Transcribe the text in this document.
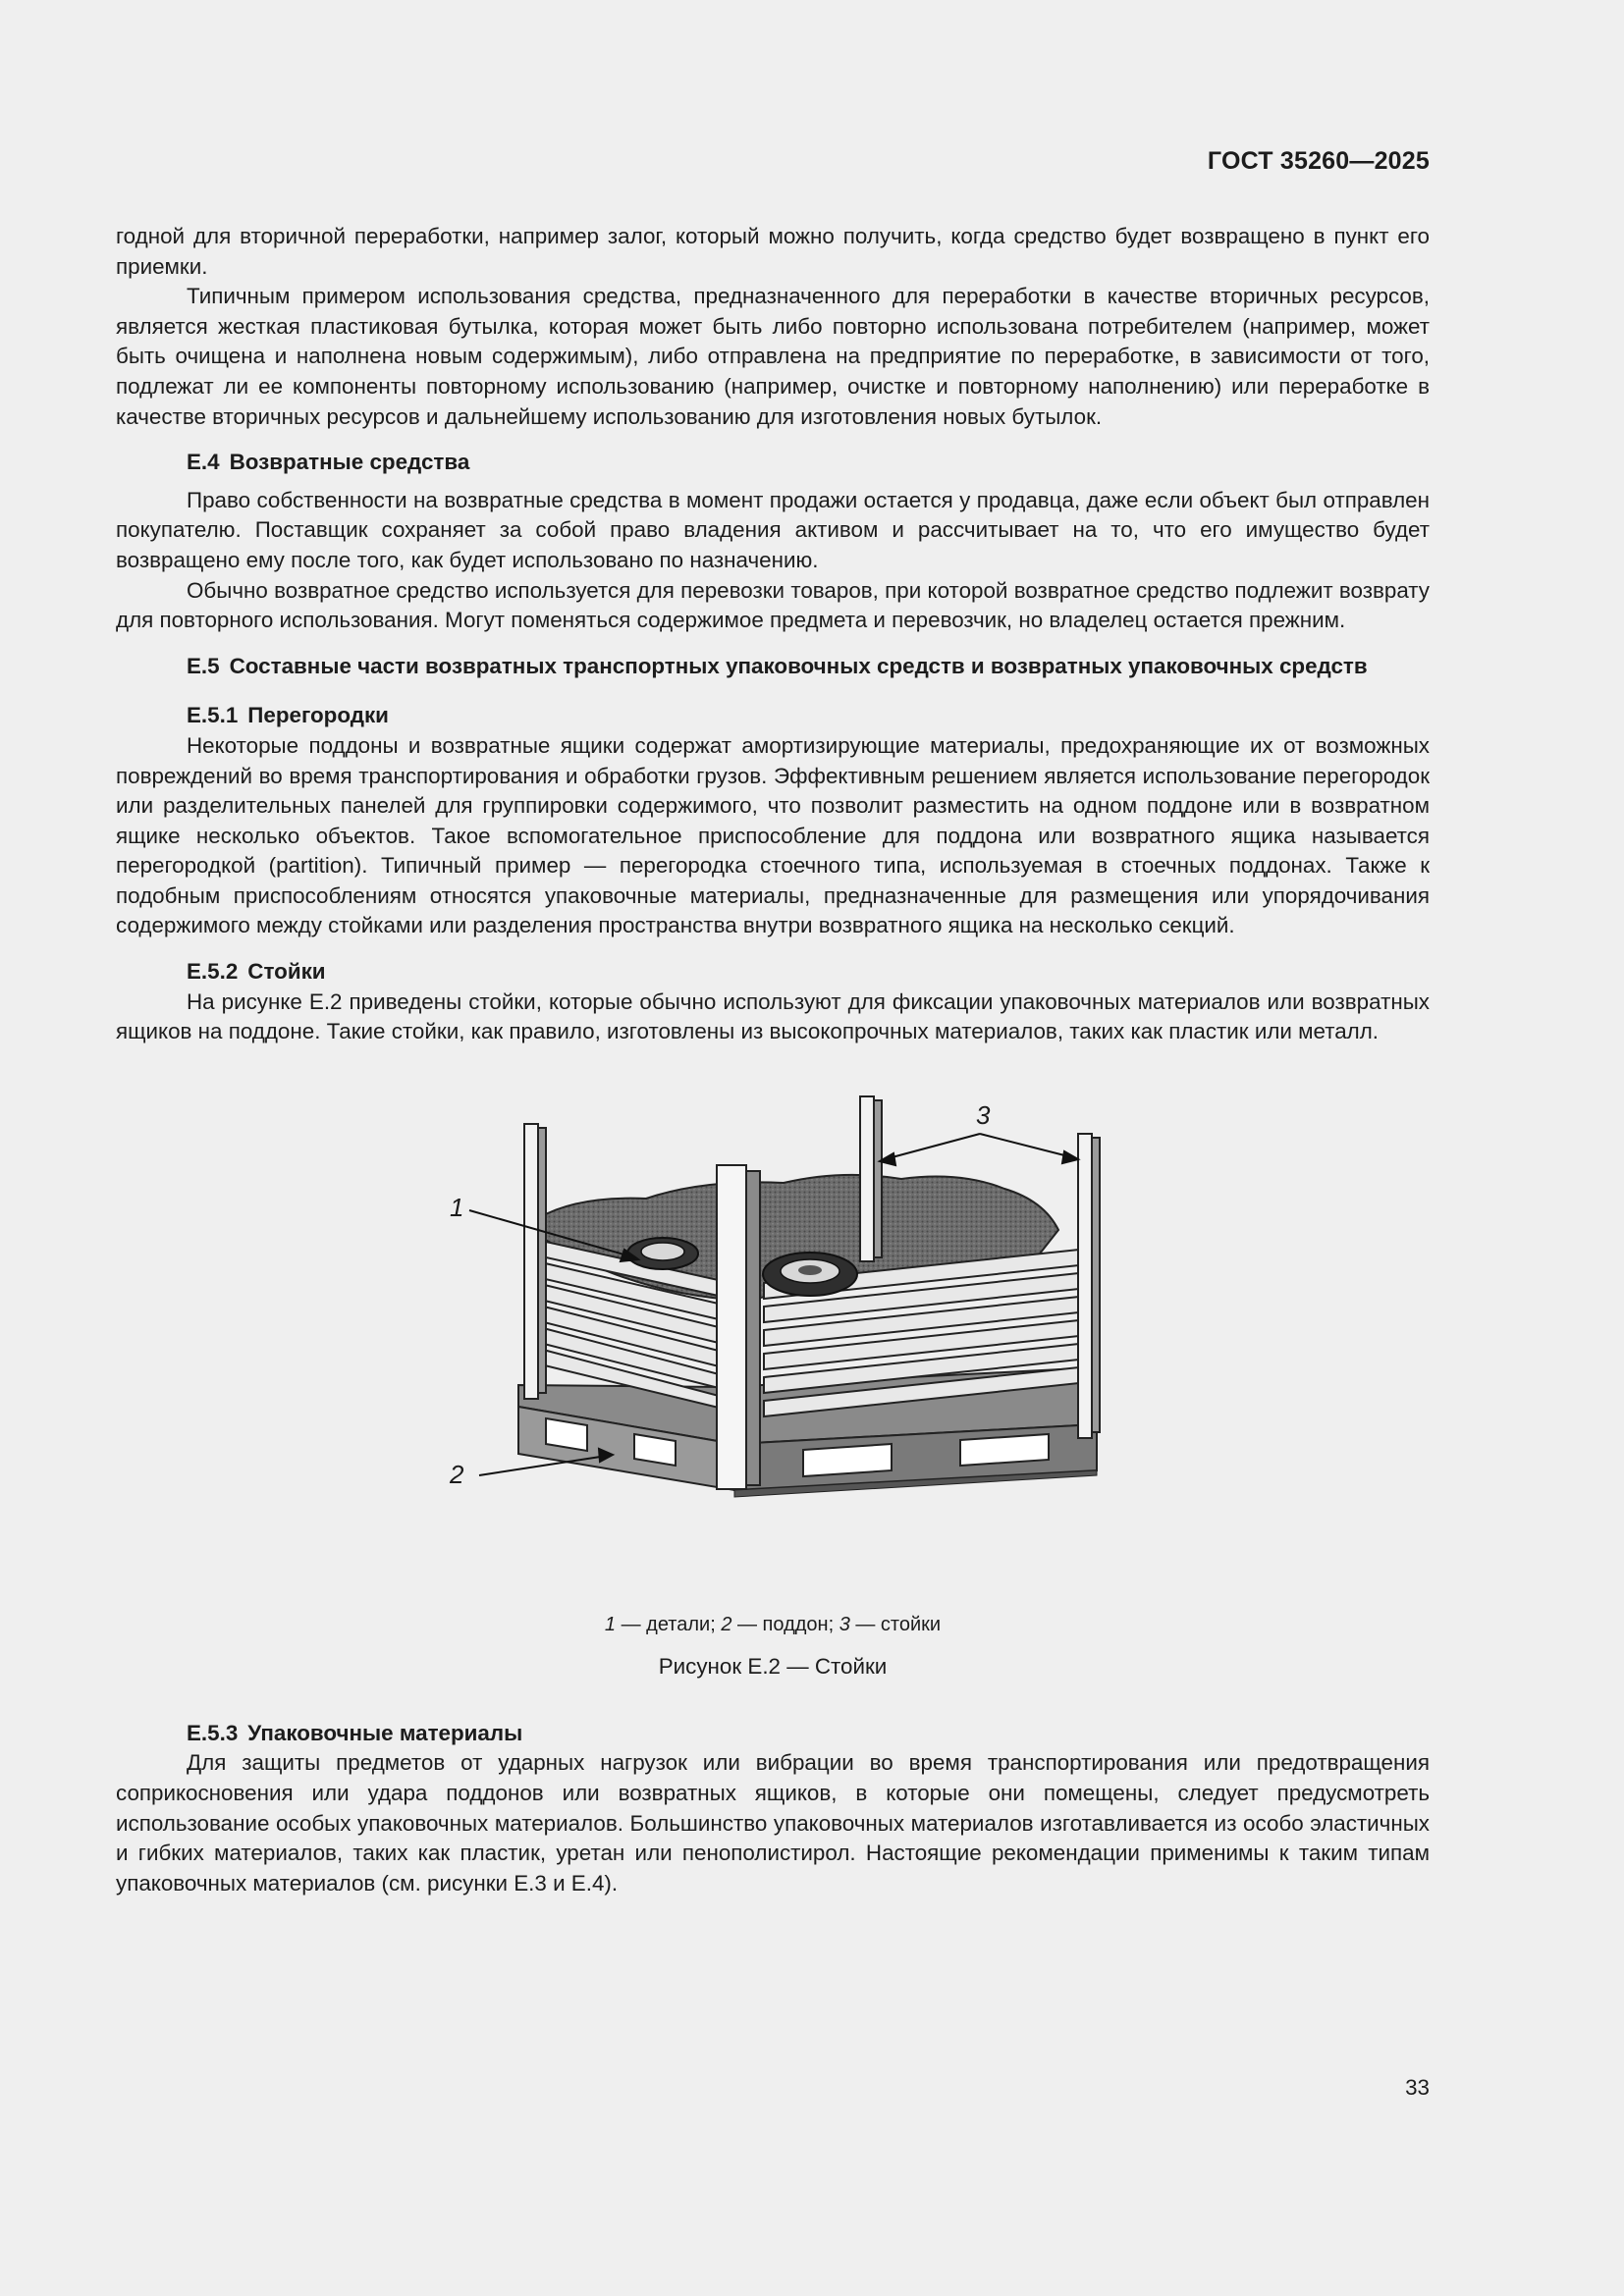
ГОСТ 35260—2025

годной для вторичной переработки, например залог, который можно получить, когда средство будет возвращено в пункт его приемки.

Типичным примером использования средства, предназначенного для переработки в качестве вторичных ресурсов, является жесткая пластиковая бутылка, которая может быть либо повторно использована потребителем (например, может быть очищена и наполнена новым содержимым), либо отправлена на предприятие по переработке, в зависимости от того, подлежат ли ее компоненты повторному использованию (например, очистке и повторному наполнению) или переработке в качестве вторичных ресурсов и дальнейшему использованию для изготовления новых бутылок.

Е.4 Возвратные средства

Право собственности на возвратные средства в момент продажи остается у продавца, даже если объект был отправлен покупателю. Поставщик сохраняет за собой право владения активом и рассчитывает на то, что его имущество будет возвращено ему после того, как будет использовано по назначению.

Обычно возвратное средство используется для перевозки товаров, при которой возвратное средство подлежит возврату для повторного использования. Могут поменяться содержимое предмета и перевозчик, но владелец остается прежним.

Е.5 Составные части возвратных транспортных упаковочных средств и возвратных упаковочных средств
Е.5.1 Перегородки

Некоторые поддоны и возвратные ящики содержат амортизирующие материалы, предохраняющие их от возможных повреждений во время транспортирования и обработки грузов. Эффективным решением является использование перегородок или разделительных панелей для группировки содержимого, что позволит разместить на одном поддоне или в возвратном ящике несколько объектов. Такое вспомогательное приспособление для поддона или возвратного ящика называется перегородкой (partition). Типичный пример — перегородка стоечного типа, используемая в стоечных поддонах. Также к подобным приспособлениям относятся упаковочные материалы, предназначенные для размещения или упорядочивания содержимого между стойками или разделения пространства внутри возвратного ящика на несколько секций.

Е.5.2 Стойки

На рисунке Е.2 приведены стойки, которые обычно используют для фиксации упаковочных материалов или возвратных ящиков на поддоне. Такие стойки, как правило, изготовлены из высокопрочных материалов, таких как пластик или металл.

1
2
3
1 — детали; 2 — поддон; 3 — стойки
Рисунок Е.2 — Стойки
Е.5.3 Упаковочные материалы

Для защиты предметов от ударных нагрузок или вибрации во время транспортирования или предотвращения соприкосновения или удара поддонов или возвратных ящиков, в которые они помещены, следует предусмотреть использование особых упаковочных материалов. Большинство упаковочных материалов изготавливается из особо эластичных и гибких материалов, таких как пластик, уретан или пенополистирол. Настоящие рекомендации применимы к таким типам упаковочных материалов (см. рисунки Е.3 и Е.4).

33
